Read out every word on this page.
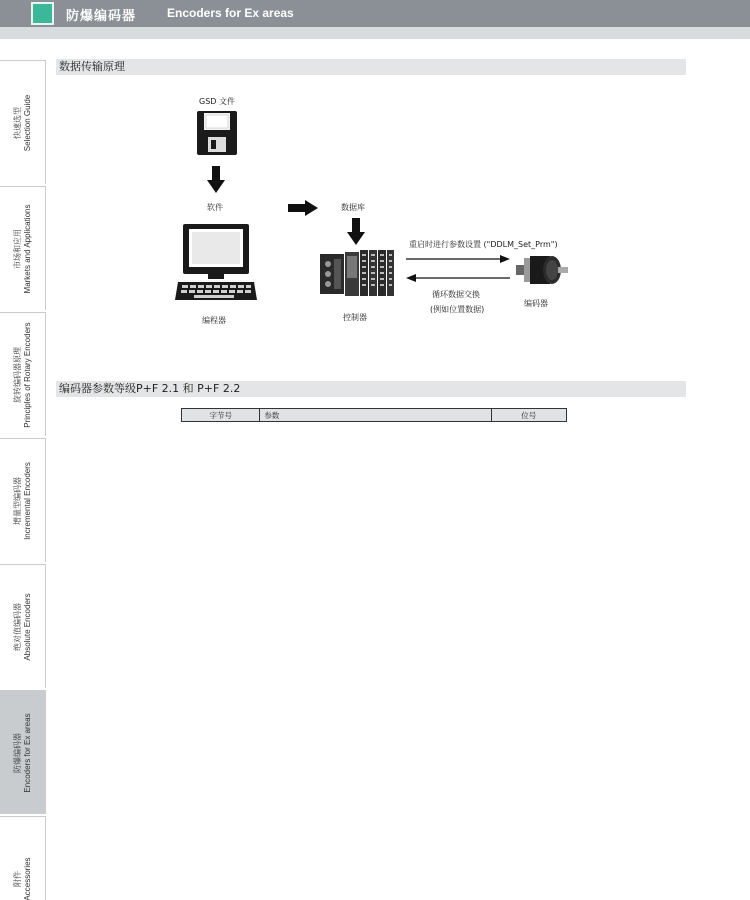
防爆编码器	Encoders for Ex areas
快速选型 Selection Guide
市场和应用 Markets and Applications
旋转编码器原理 Principles of Rotary Encoders
增量型编码器 Incremental Encoders
绝对值编码器 Absolute Encoders
防爆编码器 Encoders for Ex areas
附件 Accessories
数据传输原理
GSD 文件
软件
编程器
数据库
控制器
重启时进行参数设置 ("DDLM_Set_Prm")
循环数据交换
(例如位置数据)
编码器
编码器参数等级P+F 2.1 和 P+F 2.2
字节号	参数	位号
